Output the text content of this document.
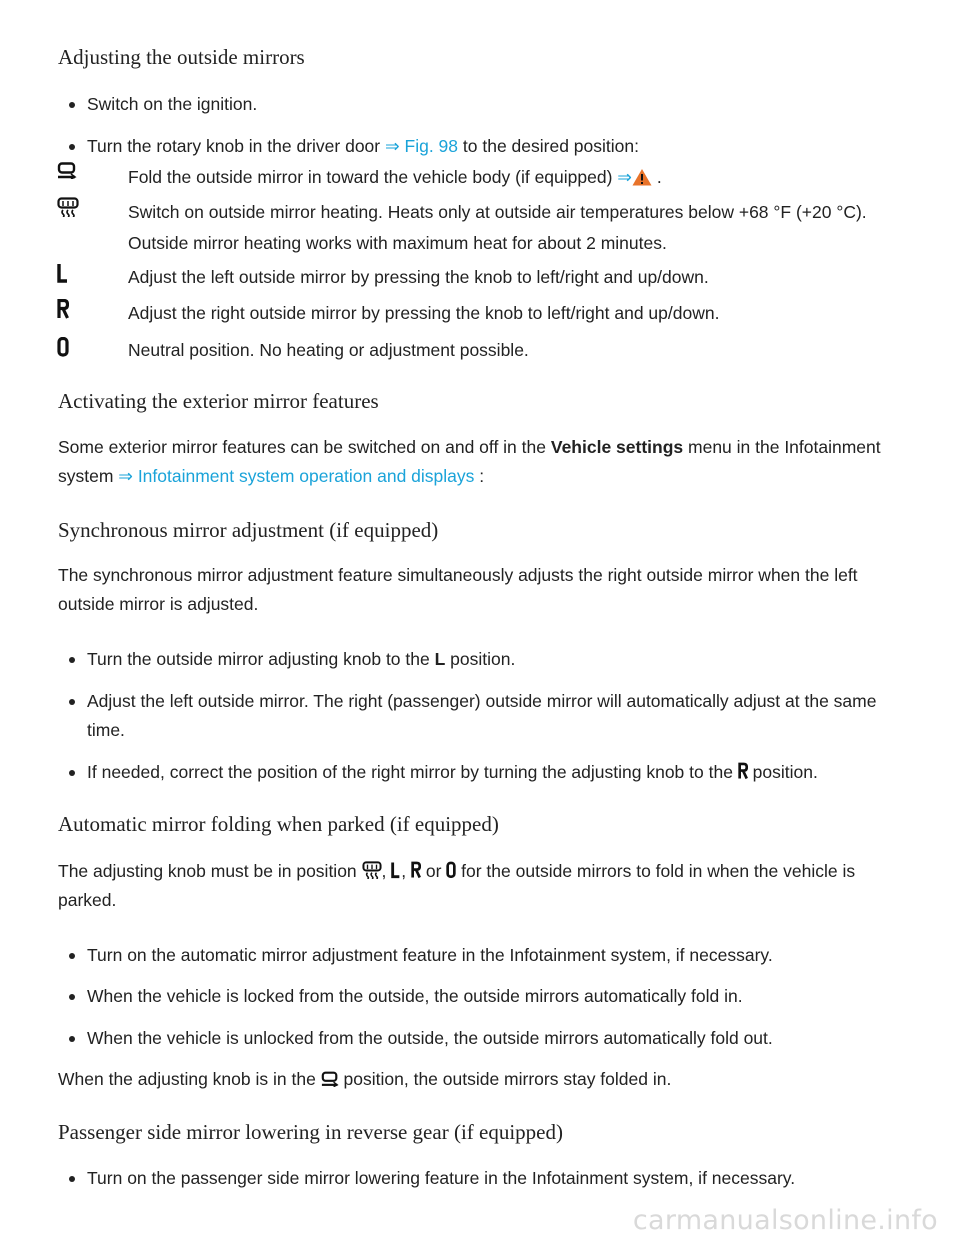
Adjusting the outside mirrors

Switch on the ignition.

Turn the rotary knob in the driver door ⇒ Fig. 98 to the desired position:

Fold the outside mirror in toward the vehicle body (if equipped) ⇒ .

Switch on outside mirror heating. Heats only at outside air temperatures below +68 °F (+20 °C). Outside mirror heating works with maximum heat for about 2 minutes.

Adjust the left outside mirror by pressing the knob to left/right and up/down.

Adjust the right outside mirror by pressing the knob to left/right and up/down.

Neutral position. No heating or adjustment possible.

Activating the exterior mirror features

Some exterior mirror features can be switched on and off in the Vehicle settings menu in the Infotainment system ⇒ Infotainment system operation and displays :

Synchronous mirror adjustment (if equipped)

The synchronous mirror adjustment feature simultaneously adjusts the right outside mirror when the left outside mirror is adjusted.

Turn the outside mirror adjusting knob to the L position.

Adjust the left outside mirror. The right (passenger) outside mirror will automatically adjust at the same time.

If needed, correct the position of the right mirror by turning the adjusting knob to the  position.

Automatic mirror folding when parked (if equipped)

The adjusting knob must be in position , ,  or  for the outside mirrors to fold in when the vehicle is parked.

Turn on the automatic mirror adjustment feature in the Infotainment system, if necessary.

When the vehicle is locked from the outside, the outside mirrors automatically fold in.

When the vehicle is unlocked from the outside, the outside mirrors automatically fold out.

When the adjusting knob is in the  position, the outside mirrors stay folded in.

Passenger side mirror lowering in reverse gear (if equipped)

Turn on the passenger side mirror lowering feature in the Infotainment system, if necessary.

carmanualsonline.info
